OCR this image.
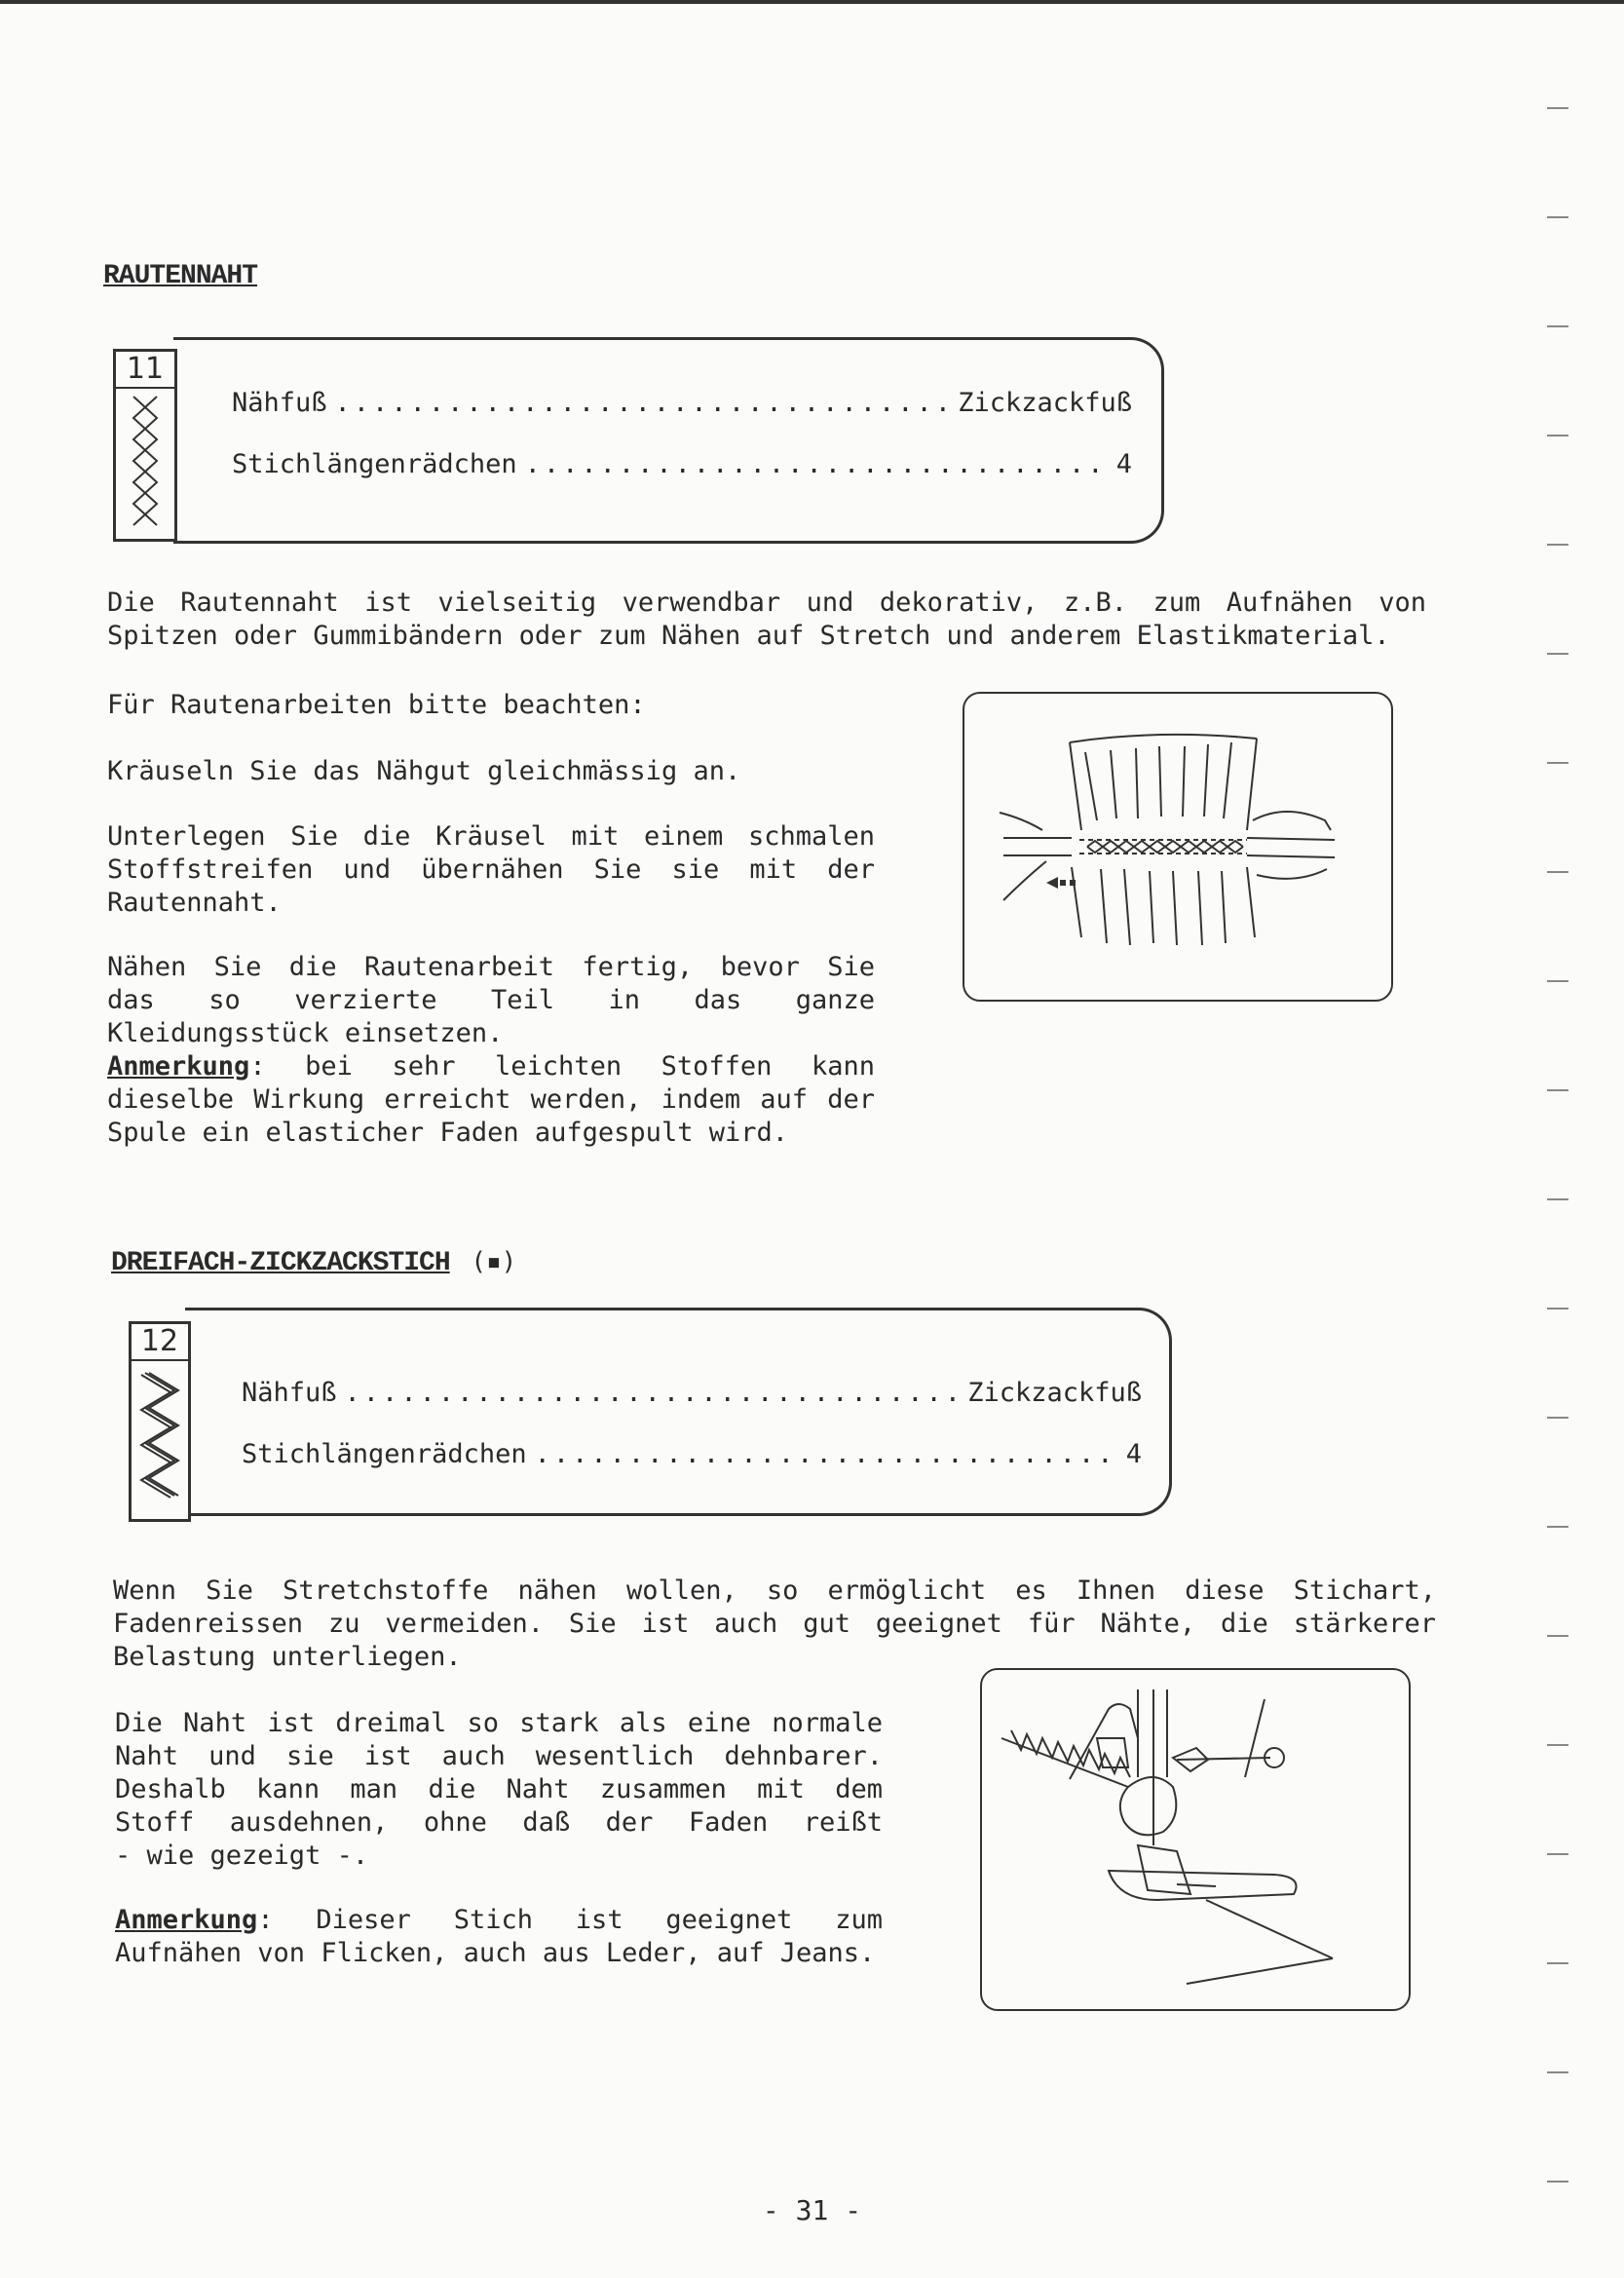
RAUTENNAHT
11
Nähfuß .....	Zickzackfuß
Stichlängenrädchen .....	4
Die Rautennaht ist vielseitig verwendbar und dekorativ, z.B. zum Aufnähen von
Spitzen oder Gummibändern oder zum Nähen auf Stretch und anderem Elastikmaterial.
Für Rautenarbeiten bitte beachten:
Kräuseln Sie das Nähgut gleichmässig an.
Unterlegen Sie die Kräusel mit einem schmalen
Stoffstreifen und übernähen Sie sie mit der
Rautennaht.
Nähen Sie die Rautenarbeit fertig, bevor Sie
das so verzierte Teil in das ganze
Kleidungsstück einsetzen.
Anmerkung: bei sehr leichten Stoffen kann
dieselbe Wirkung erreicht werden, indem auf der
Spule ein elasticher Faden aufgespult wird.
DREIFACH-ZICKZACKSTICH (▪)
12
Nähfuß .....	Zickzackfuß
Stichlängenrädchen .....	4
Wenn Sie Stretchstoffe nähen wollen, so ermöglicht es Ihnen diese Stichart,
Fadenreissen zu vermeiden. Sie ist auch gut geeignet für Nähte, die stärkerer
Belastung unterliegen.
Die Naht ist dreimal so stark als eine normale
Naht und sie ist auch wesentlich dehnbarer.
Deshalb kann man die Naht zusammen mit dem
Stoff ausdehnen, ohne daß der Faden reißt
- wie gezeigt -.
Anmerkung: Dieser Stich ist geeignet zum
Aufnähen von Flicken, auch aus Leder, auf Jeans.
- 31 -
